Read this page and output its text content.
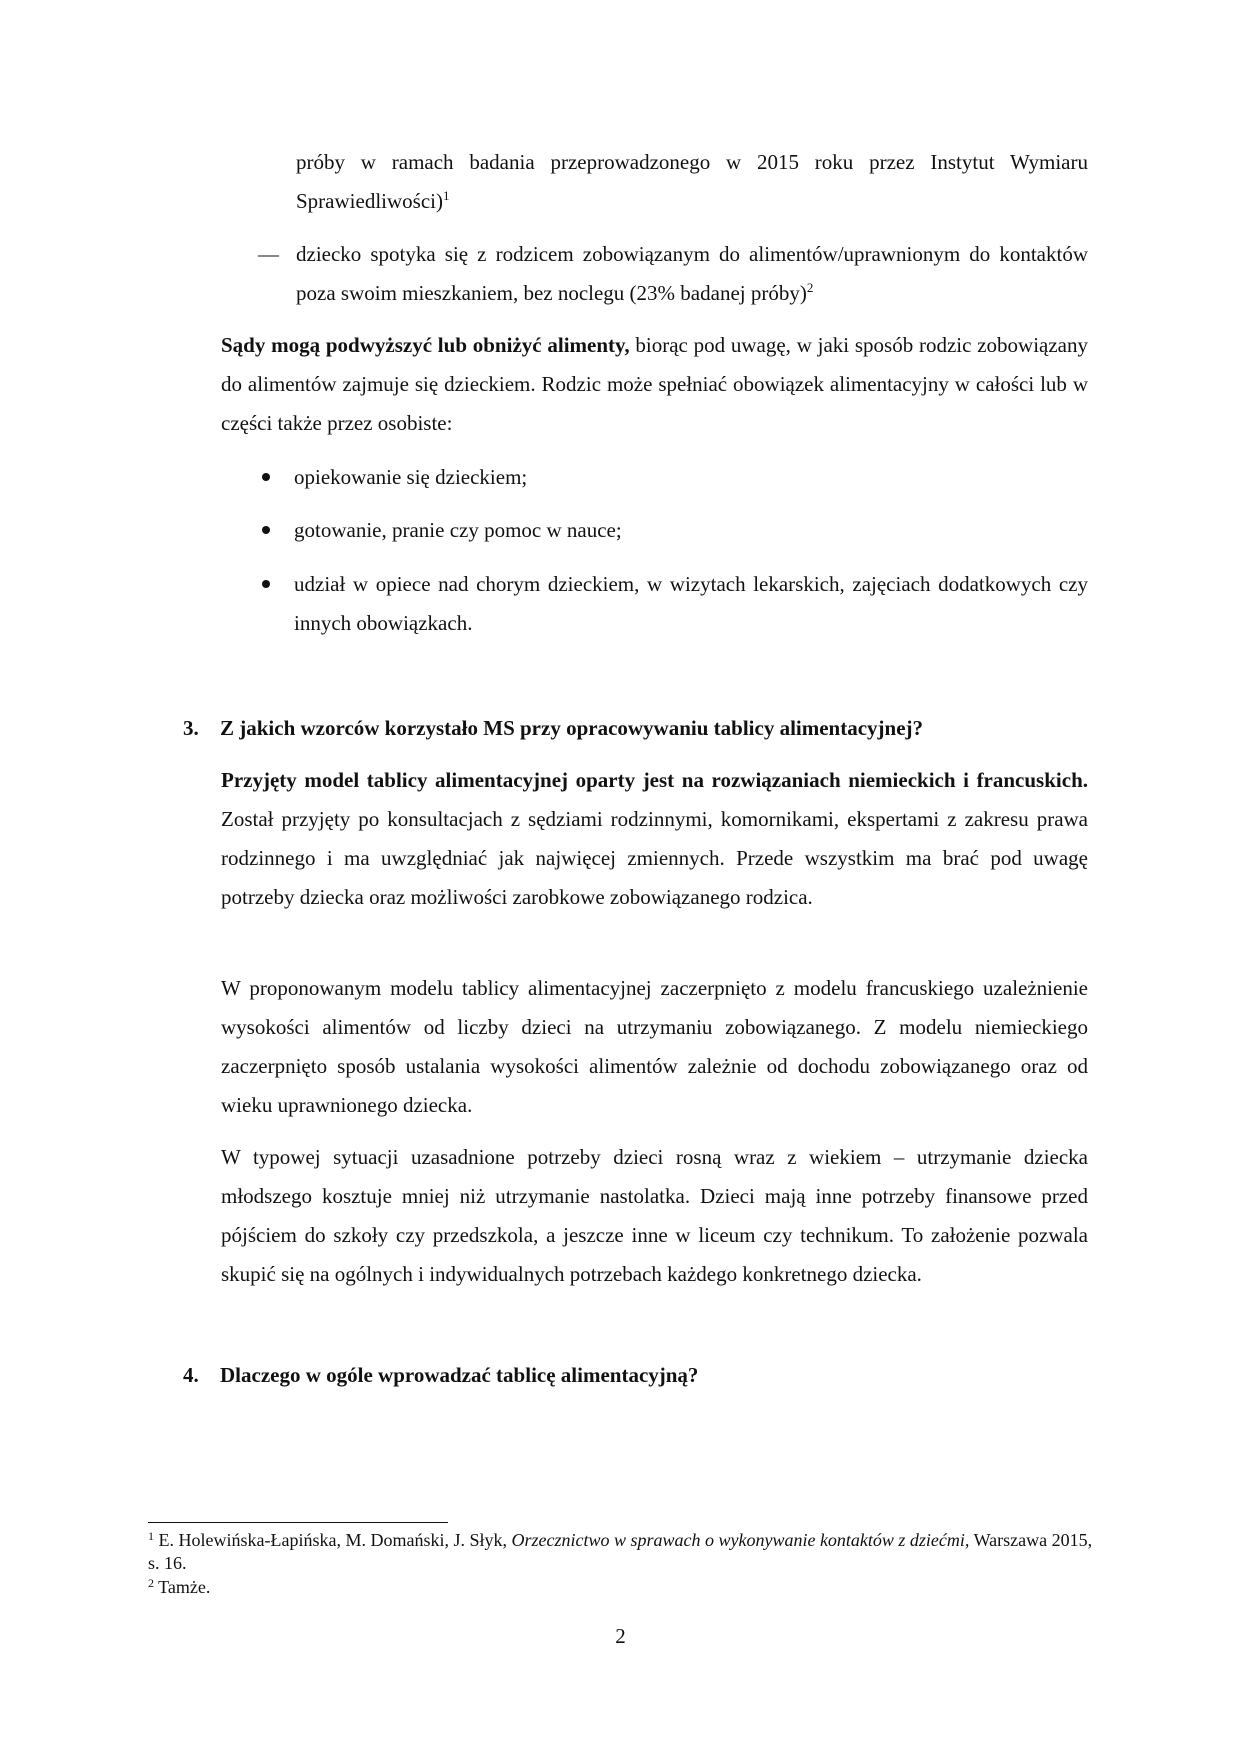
próby w ramach badania przeprowadzonego w 2015 roku przez Instytut Wymiaru Sprawiedliwości)$^1$

— dziecko spotyka się z rodzicem zobowiązanym do alimentów/uprawnionym do kontaktów poza swoim mieszkaniem, bez noclegu (23% badanej próby)$^2$

Sądy mogą podwyższyć lub obniżyć alimenty, biorąc pod uwagę, w jaki sposób rodzic zobowiązany do alimentów zajmuje się dzieckiem. Rodzic może spełniać obowiązek alimentacyjny w całości lub w części także przez osobiste:

opiekowanie się dzieckiem;

gotowanie, pranie czy pomoc w nauce;

udział w opiece nad chorym dzieckiem, w wizytach lekarskich, zajęciach dodatkowych czy innych obowiązkach.

3. Z jakich wzorców korzystało MS przy opracowywaniu tablicy alimentacyjnej?

Przyjęty model tablicy alimentacyjnej oparty jest na rozwiązaniach niemieckich i francuskich. Został przyjęty po konsultacjach z sędziami rodzinnymi, komornikami, ekspertami z zakresu prawa rodzinnego i ma uwzględniać jak najwięcej zmiennych. Przede wszystkim ma brać pod uwagę potrzeby dziecka oraz możliwości zarobkowe zobowiązanego rodzica.

W proponowanym modelu tablicy alimentacyjnej zaczerpnięto z modelu francuskiego uzależnienie wysokości alimentów od liczby dzieci na utrzymaniu zobowiązanego. Z modelu niemieckiego zaczerpnięto sposób ustalania wysokości alimentów zależnie od dochodu zobowiązanego oraz od wieku uprawnionego dziecka.

W typowej sytuacji uzasadnione potrzeby dzieci rosną wraz z wiekiem – utrzymanie dziecka młodszego kosztuje mniej niż utrzymanie nastolatka. Dzieci mają inne potrzeby finansowe przed pójściem do szkoły czy przedszkola, a jeszcze inne w liceum czy technikum. To założenie pozwala skupić się na ogólnych i indywidualnych potrzebach każdego konkretnego dziecka.

4. Dlaczego w ogóle wprowadzać tablicę alimentacyjną?

$^1$ E. Holewińska-Łapińska, M. Domański, J. Słyk, Orzecznictwo w sprawach o wykonywanie kontaktów z dziećmi, Warszawa 2015, s. 16.

$^2$ Tamże.

2
